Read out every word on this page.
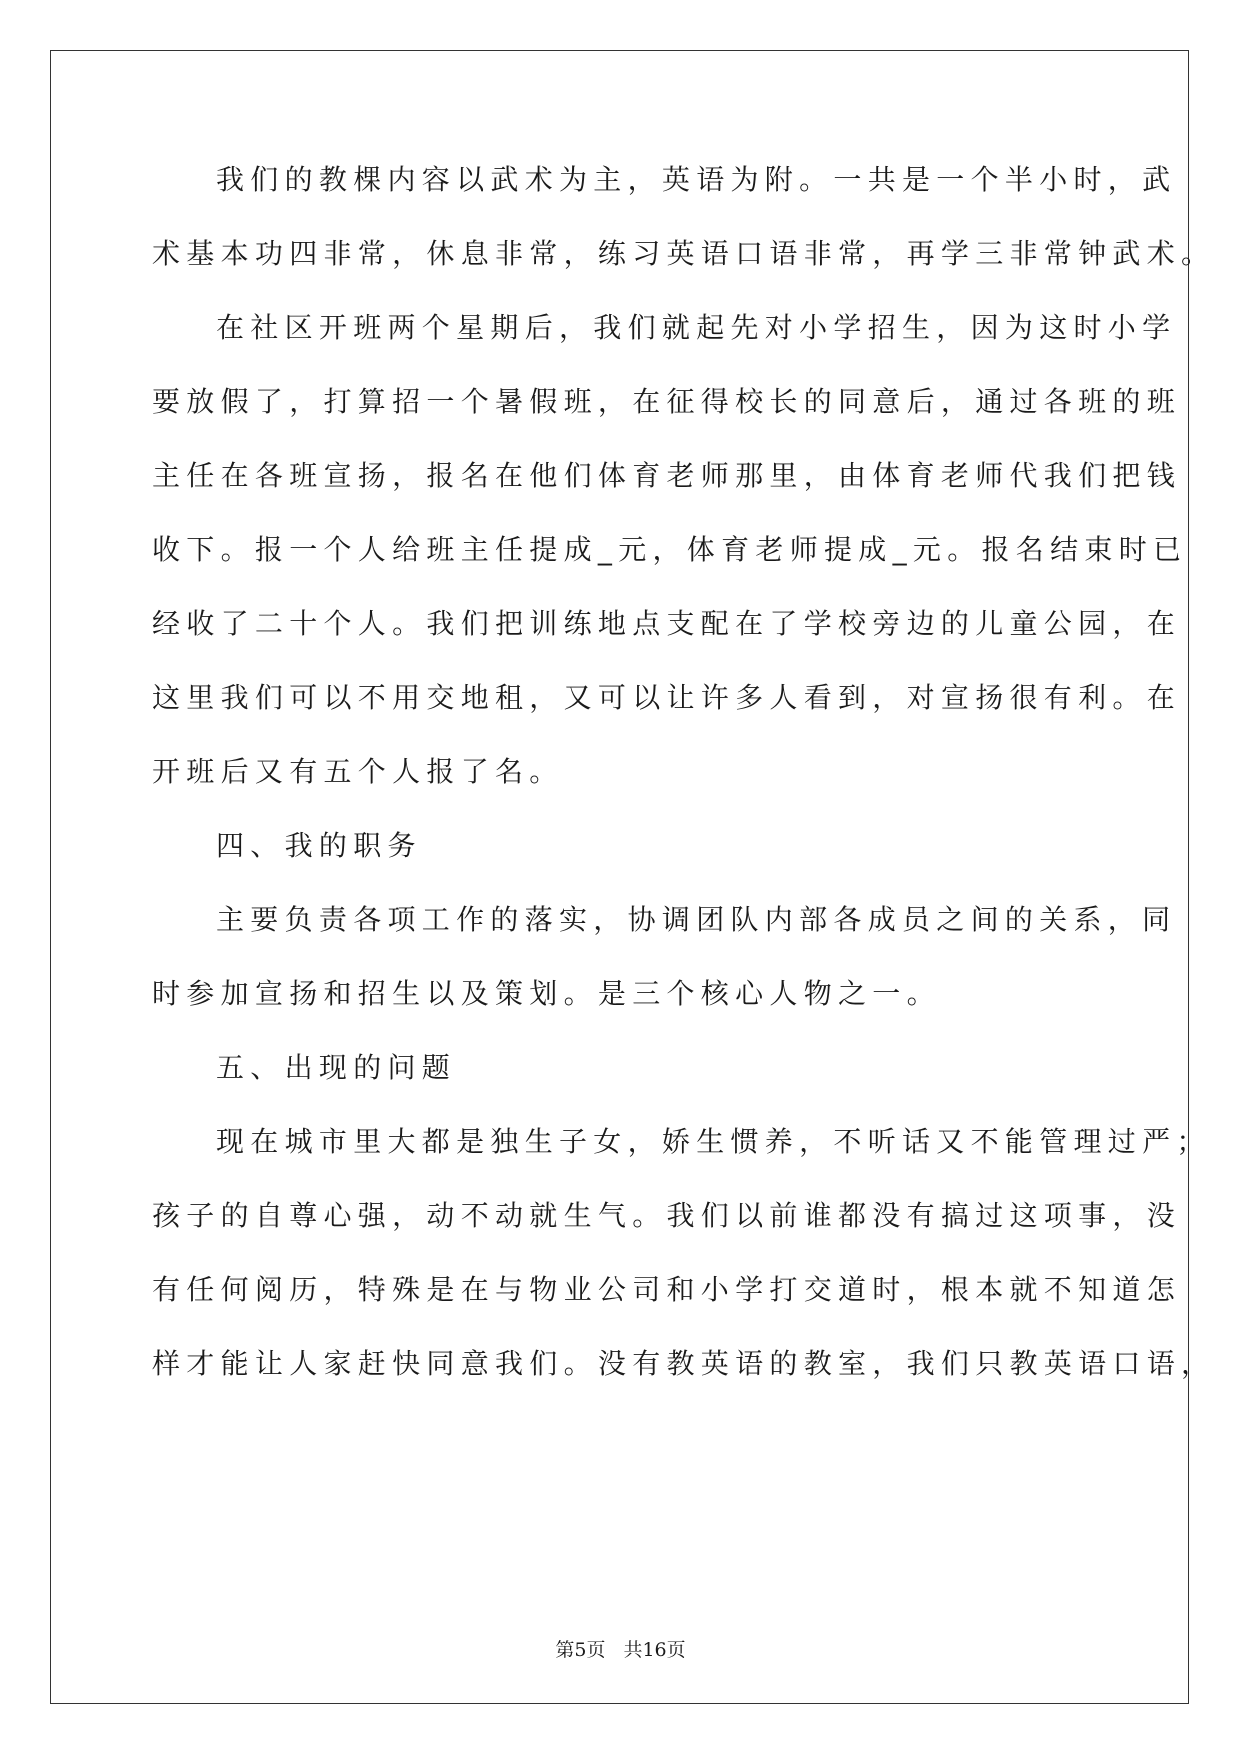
我们的教棵内容以武术为主，英语为附。一共是一个半小时，武
术基本功四非常，休息非常，练习英语口语非常，再学三非常钟武术。
在社区开班两个星期后，我们就起先对小学招生，因为这时小学
要放假了，打算招一个暑假班，在征得校长的同意后，通过各班的班
主任在各班宣扬，报名在他们体育老师那里，由体育老师代我们把钱
收下。报一个人给班主任提成_元，体育老师提成_元。报名结束时已
经收了二十个人。我们把训练地点支配在了学校旁边的儿童公园，在
这里我们可以不用交地租，又可以让许多人看到，对宣扬很有利。在
开班后又有五个人报了名。
四、我的职务
主要负责各项工作的落实，协调团队内部各成员之间的关系，同
时参加宣扬和招生以及策划。是三个核心人物之一。
五、出现的问题
现在城市里大都是独生子女，娇生惯养，不听话又不能管理过严；
孩子的自尊心强，动不动就生气。我们以前谁都没有搞过这项事，没
有任何阅历，特殊是在与物业公司和小学打交道时，根本就不知道怎
样才能让人家赶快同意我们。没有教英语的教室，我们只教英语口语，
第5页 共16页
